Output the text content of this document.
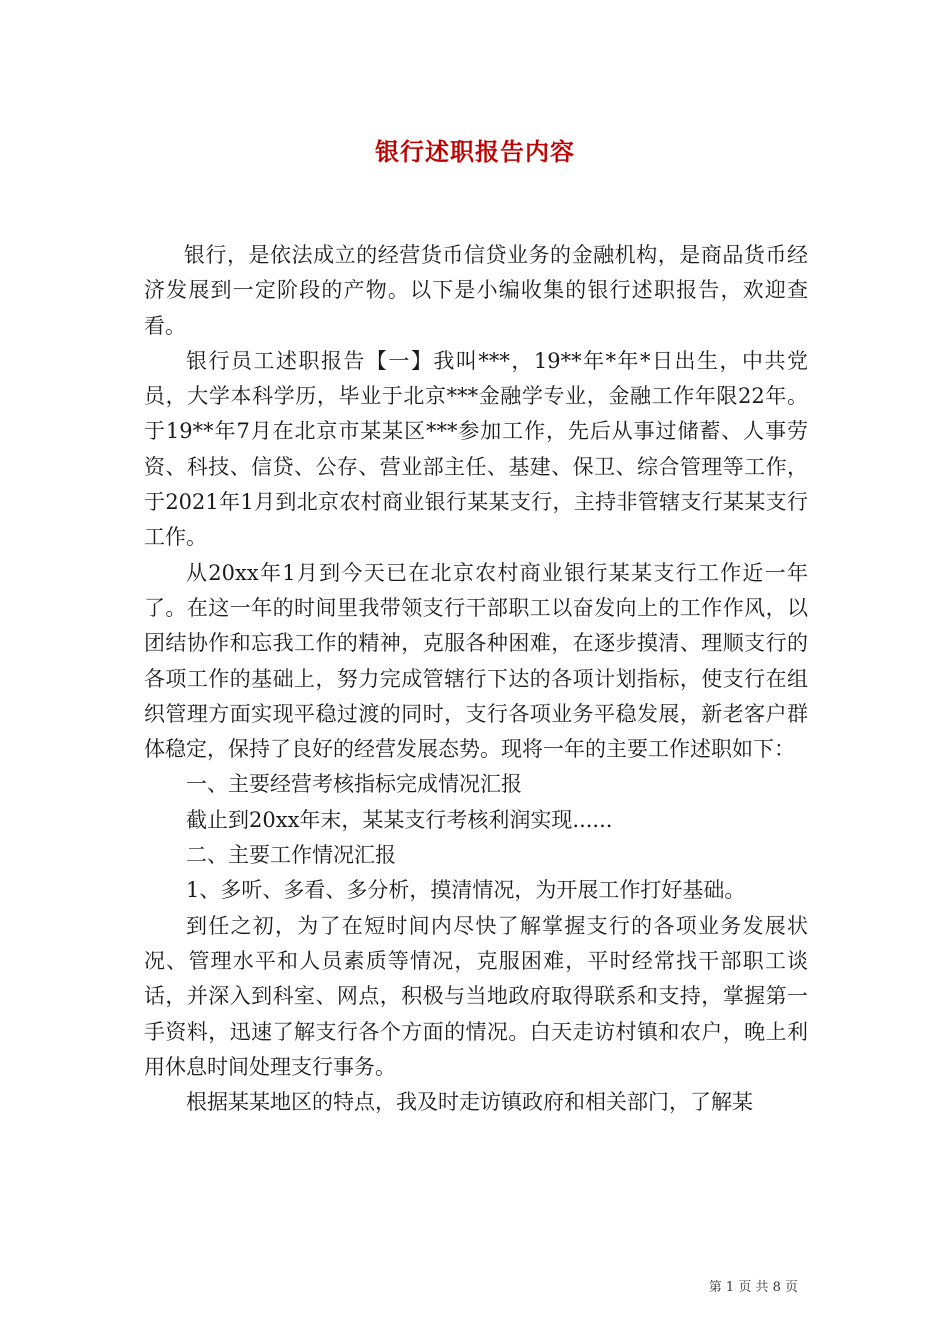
银行述职报告内容

银行，是依法成立的经营货币信贷业务的金融机构，是商品货币经济发展到一定阶段的产物。以下是小编收集的银行述职报告，欢迎查看。

银行员工述职报告【一】我叫***，19**年*年*日出生，中共党员，大学本科学历，毕业于北京***金融学专业，金融工作年限22年。于19**年7月在北京市某某区***参加工作，先后从事过储蓄、人事劳资、科技、信贷、公存、营业部主任、基建、保卫、综合管理等工作，于2021年1月到北京农村商业银行某某支行，主持非管辖支行某某支行工作。

从20xx年1月到今天已在北京农村商业银行某某支行工作近一年了。在这一年的时间里我带领支行干部职工以奋发向上的工作作风，以团结协作和忘我工作的精神，克服各种困难，在逐步摸清、理顺支行的各项工作的基础上，努力完成管辖行下达的各项计划指标，使支行在组织管理方面实现平稳过渡的同时，支行各项业务平稳发展，新老客户群体稳定，保持了良好的经营发展态势。现将一年的主要工作述职如下：

一、主要经营考核指标完成情况汇报

截止到20xx年末，某某支行考核利润实现......

二、主要工作情况汇报

1、多听、多看、多分析，摸清情况，为开展工作打好基础。

到任之初，为了在短时间内尽快了解掌握支行的各项业务发展状况、管理水平和人员素质等情况，克服困难，平时经常找干部职工谈话，并深入到科室、网点，积极与当地政府取得联系和支持，掌握第一手资料，迅速了解支行各个方面的情况。白天走访村镇和农户，晚上利用休息时间处理支行事务。

根据某某地区的特点，我及时走访镇政府和相关部门，了解某

第 1 页 共 8 页
